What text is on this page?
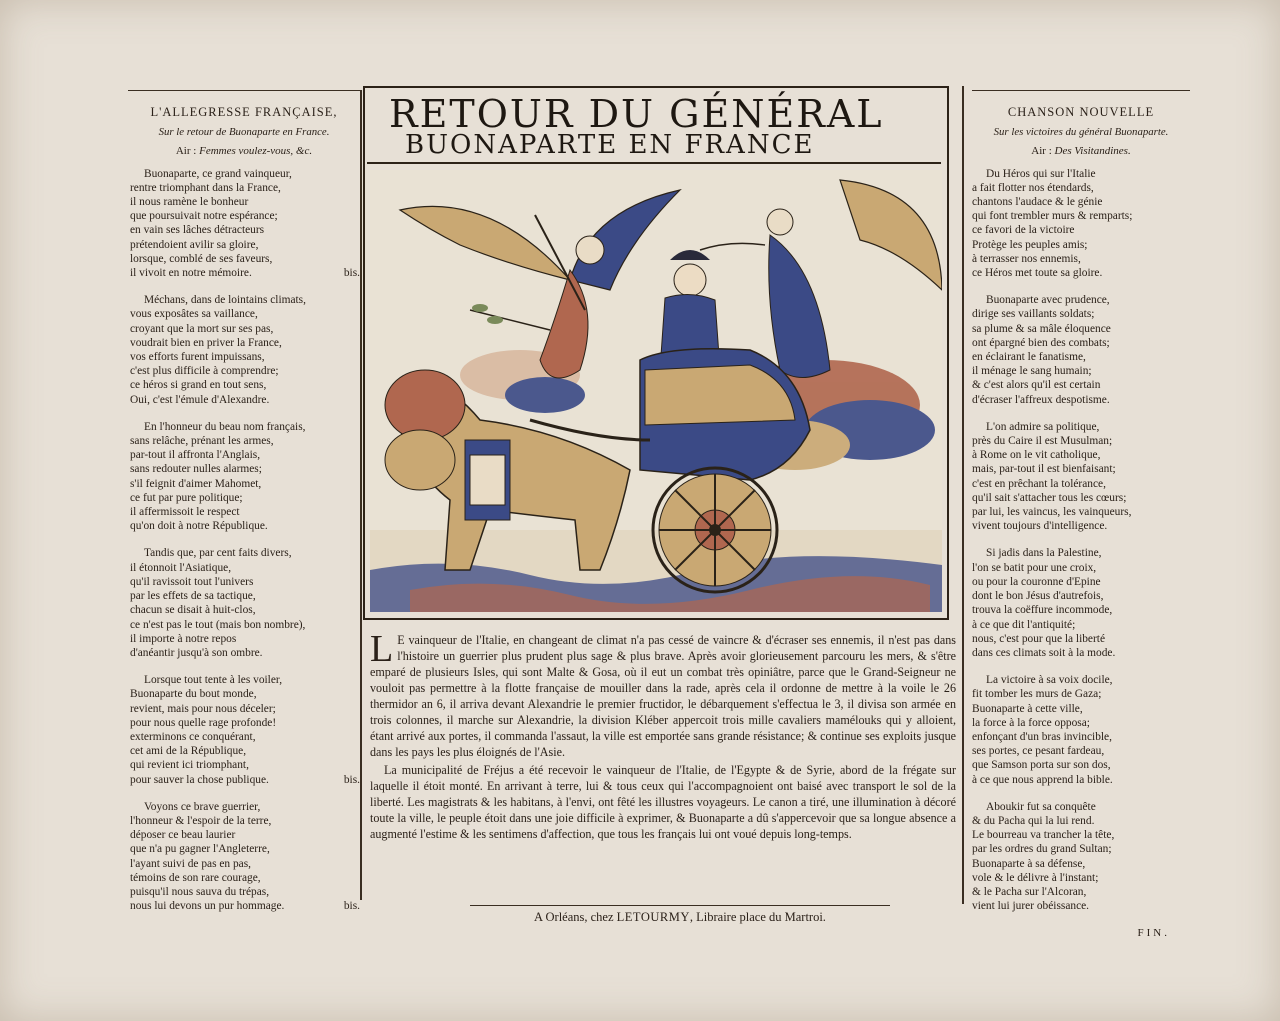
L'ALLEGRESSE FRANÇAISE,
Sur le retour de Buonaparte en France.
Air : Femmes voulez-vous, &c.
Buonaparte, ce grand vainqueur,
rentre triomphant dans la France,
il nous ramène le bonheur
que poursuivait notre espérance;
en vain ses lâches détracteurs
prétendoient avilir sa gloire,
lorsque, comblé de ses faveurs,
il vivoit en notre mémoire.	bis.
Méchans, dans de lointains climats,
vous exposâtes sa vaillance,
croyant que la mort sur ses pas,
voudrait bien en priver la France,
vos efforts furent impuissans,
c'est plus difficile à comprendre;
ce héros si grand en tout sens,
Oui, c'est l'émule d'Alexandre.
En l'honneur du beau nom français,
sans relâche, prénant les armes,
par-tout il affronta l'Anglais,
sans redouter nulles alarmes;
s'il feignit d'aimer Mahomet,
ce fut par pure politique;
il affermissoit le respect
qu'on doit à notre République.
Tandis que, par cent faits divers,
il étonnoit l'Asiatique,
qu'il ravissoit tout l'univers
par les effets de sa tactique,
chacun se disait à huit-clos,
ce n'est pas le tout (mais bon nombre),
il importe à notre repos
d'anéantir jusqu'à son ombre.
Lorsque tout tente à les voiler,
Buonaparte du bout monde,
revient, mais pour nous déceler;
pour nous quelle rage profonde!
exterminons ce conquérant,
cet ami de la République,
qui revient ici triomphant,
pour sauver la chose publique.	bis.
Voyons ce brave guerrier,
l'honneur & l'espoir de la terre,
déposer ce beau laurier
que n'a pu gagner l'Angleterre,
l'ayant suivi de pas en pas,
témoins de son rare courage,
puisqu'il nous sauva du trépas,
nous lui devons un pur hommage.	bis.
RETOUR DU GÉNÉRAL
BUONAPARTE EN FRANCE

L E vainqueur de l'Italie, en changeant de climat n'a pas cessé de vaincre & d'écraser ses ennemis, il n'est pas dans l'histoire un guerrier plus prudent plus sage & plus brave. Après avoir glorieusement parcouru les mers, & s'être emparé de plusieurs Isles, qui sont Malte & Gosa, où il eut un combat très opiniâtre, parce que le Grand-Seigneur ne vouloit pas permettre à la flotte française de mouiller dans la rade, après cela il ordonne de mettre à la voile le 26 thermidor an 6, il arriva devant Alexandrie le premier fructidor, le débarquement s'effectua le 3, il divisa son armée en trois colonnes, il marche sur Alexandrie, la division Kléber appercoit trois mille cavaliers mamélouks qui y alloient, étant arrivé aux portes, il commanda l'assaut, la ville est emportée sans grande résistance; & continue ses exploits jusque dans les pays les plus éloignés de l'Asie.

La municipalité de Fréjus a été recevoir le vainqueur de l'Italie, de l'Egypte & de Syrie, abord de la frégate sur laquelle il étoit monté. En arrivant à terre, lui & tous ceux qui l'accompagnoient ont baisé avec transport le sol de la liberté. Les magistrats & les habitans, à l'envi, ont fêté les illustres voyageurs. Le canon a tiré, une illumination à décoré toute la ville, le peuple étoit dans une joie difficile à exprimer, & Buonaparte a dû s'appercevoir que sa longue absence a augmenté l'estime & les sentimens d'affection, que tous les français lui ont voué depuis long-temps.

A Orléans, chez LETOURMY, Libraire place du Martroi.
CHANSON NOUVELLE
Sur les victoires du général Buonaparte.
Air : Des Visitandines.
Du Héros qui sur l'Italie
a fait flotter nos étendards,
chantons l'audace & le génie
qui font trembler murs & remparts;
ce favori de la victoire
Protège les peuples amis;
à terrasser nos ennemis,
ce Héros met toute sa gloire.
Buonaparte avec prudence,
dirige ses vaillants soldats;
sa plume & sa mâle éloquence
ont épargné bien des combats;
en éclairant le fanatisme,
il ménage le sang humain;
& c'est alors qu'il est certain
d'écraser l'affreux despotisme.
L'on admire sa politique,
près du Caire il est Musulman;
à Rome on le vit catholique,
mais, par-tout il est bienfaisant;
c'est en prêchant la tolérance,
qu'il sait s'attacher tous les cœurs;
par lui, les vaincus, les vainqueurs,
vivent toujours d'intelligence.
Si jadis dans la Palestine,
l'on se batit pour une croix,
ou pour la couronne d'Epine
dont le bon Jésus d'autrefois,
trouva la coëffure incommode,
à ce que dit l'antiquité;
nous, c'est pour que la liberté
dans ces climats soit à la mode.
La victoire à sa voix docile,
fit tomber les murs de Gaza;
Buonaparte à cette ville,
la force à la force opposa;
enfonçant d'un bras invincible,
ses portes, ce pesant fardeau,
que Samson porta sur son dos,
à ce que nous apprend la bible.
Aboukir fut sa conquête
& du Pacha qui la lui rend.
Le bourreau va trancher la tête,
par les ordres du grand Sultan;
Buonaparte à sa défense,
vole & le délivre à l'instant;
& le Pacha sur l'Alcoran,
vient lui jurer obéissance.
FIN.
